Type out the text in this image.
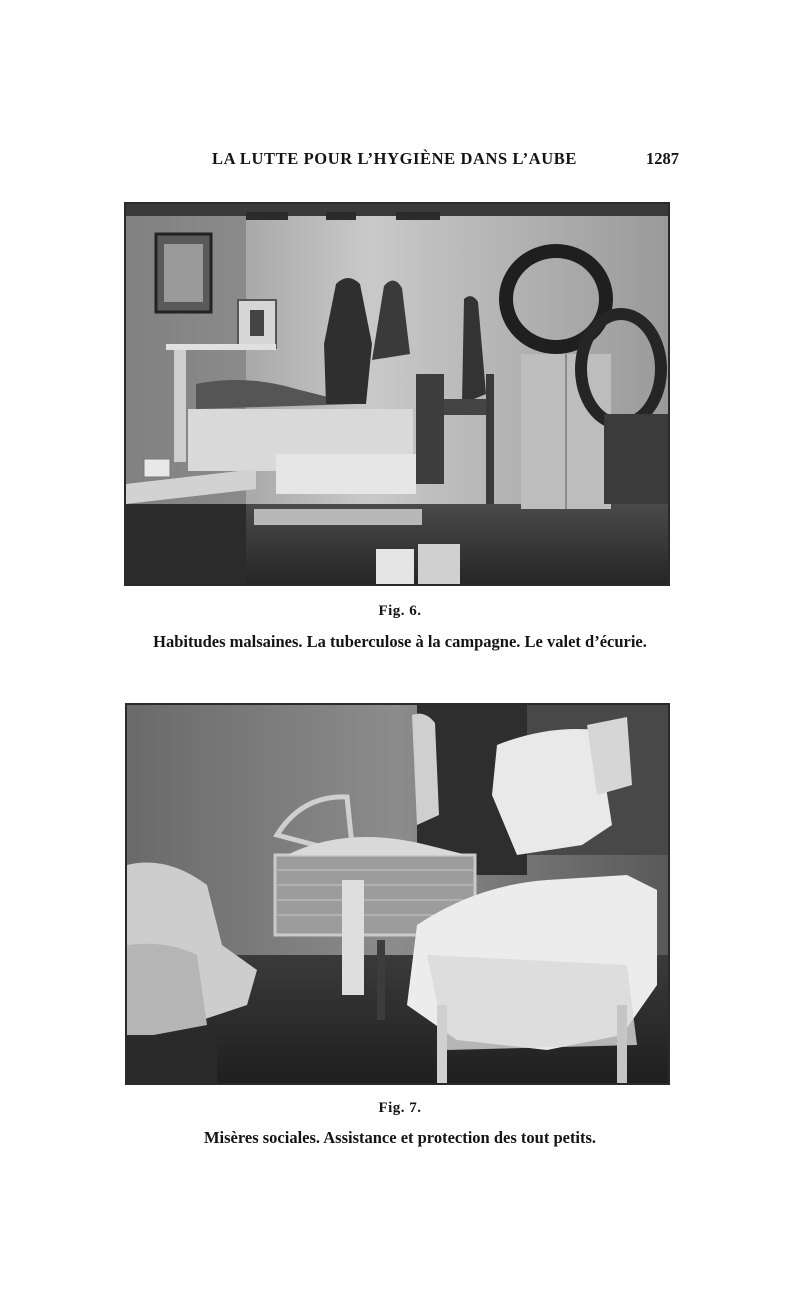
LA LUTTE POUR L’HYGIÈNE DANS L’AUBE	1287
Fig. 6.
Habitudes malsaines. La tuberculose à la campagne. Le valet d’écurie.
Fig. 7.
Misères sociales. Assistance et protection des tout petits.
